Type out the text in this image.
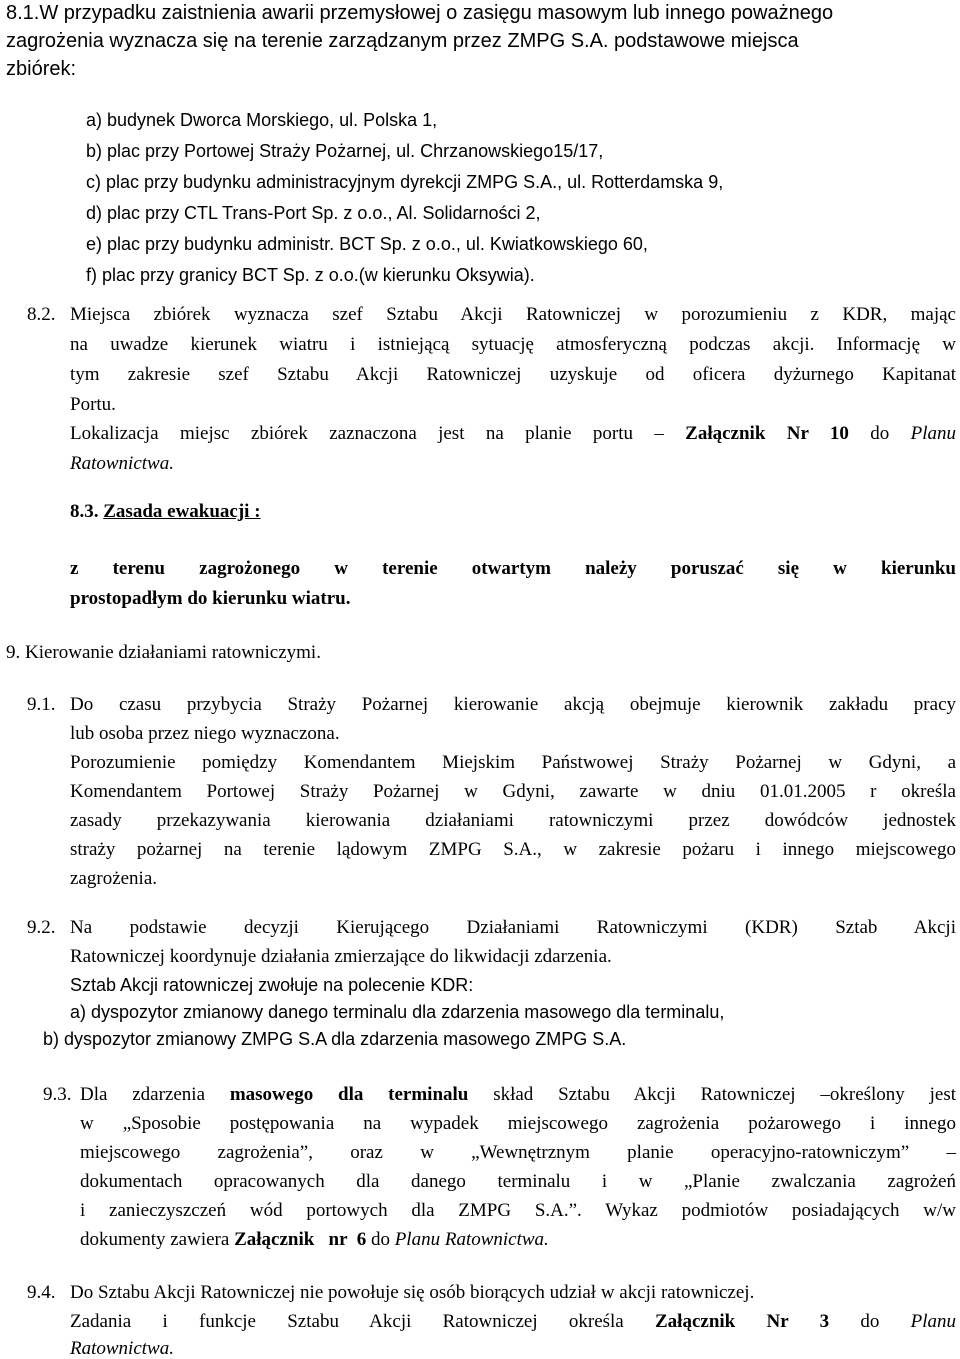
8.1.W przypadku zaistnienia awarii przemysłowej o zasięgu masowym lub innego poważnego
zagrożenia wyznacza się na terenie zarządzanym przez ZMPG S.A. podstawowe miejsca
zbiórek:
a) budynek Dworca Morskiego, ul. Polska 1,
b) plac przy Portowej Straży Pożarnej, ul. Chrzanowskiego15/17,
c) plac przy budynku administracyjnym dyrekcji ZMPG S.A., ul. Rotterdamska 9,
d) plac przy CTL Trans-Port Sp. z o.o., Al. Solidarności 2,
e) plac przy budynku administr. BCT Sp. z o.o., ul. Kwiatkowskiego 60,
f) plac przy granicy BCT Sp. z o.o.(w kierunku Oksywia).
8.2. Miejsca zbiórek wyznacza szef Sztabu Akcji Ratowniczej w porozumieniu z KDR, mając
na uwadze kierunek wiatru i istniejącą sytuację atmosferyczną podczas akcji. Informację w
tym zakresie szef Sztabu Akcji Ratowniczej uzyskuje od oficera dyżurnego Kapitanat
Portu.
Lokalizacja miejsc zbiórek zaznaczona jest na planie portu – Załącznik Nr 10 do Planu
Ratownictwa.
8.3. Zasada ewakuacji :
z terenu zagrożonego w terenie otwartym należy poruszać się w kierunku
prostopadłym do kierunku wiatru.
9. Kierowanie działaniami ratowniczymi.
9.1. Do czasu przybycia Straży Pożarnej kierowanie akcją obejmuje kierownik zakładu pracy
lub osoba przez niego wyznaczona.
Porozumienie pomiędzy Komendantem Miejskim Państwowej Straży Pożarnej w Gdyni, a
Komendantem Portowej Straży Pożarnej w Gdyni, zawarte w dniu 01.01.2005 r określa
zasady przekazywania kierowania działaniami ratowniczymi przez dowódców jednostek
straży pożarnej na terenie lądowym ZMPG S.A., w zakresie pożaru i innego miejscowego
zagrożenia.
9.2. Na podstawie decyzji Kierującego Działaniami Ratowniczymi (KDR) Sztab Akcji
Ratowniczej koordynuje działania zmierzające do likwidacji zdarzenia.
Sztab Akcji ratowniczej zwołuje na polecenie KDR:
a) dyspozytor zmianowy danego terminalu dla zdarzenia masowego dla terminalu,
b) dyspozytor zmianowy ZMPG S.A dla zdarzenia masowego ZMPG S.A.
9.3. Dla zdarzenia masowego dla terminalu skład Sztabu Akcji Ratowniczej –określony jest
w „Sposobie postępowania na wypadek miejscowego zagrożenia pożarowego i innego
miejscowego zagrożenia”, oraz w „Wewnętrznym planie operacyjno-ratowniczym” –
dokumentach opracowanych dla danego terminalu i w „Planie zwalczania zagrożeń
i zanieczyszczeń wód portowych dla ZMPG S.A.”. Wykaz podmiotów posiadających w/w
dokumenty zawiera Załącznik   nr  6 do Planu Ratownictwa.
9.4. Do Sztabu Akcji Ratowniczej nie powołuje się osób biorących udział w akcji ratowniczej.
Zadania i funkcje Sztabu Akcji Ratowniczej określa Załącznik Nr 3 do Planu
Ratownictwa.
